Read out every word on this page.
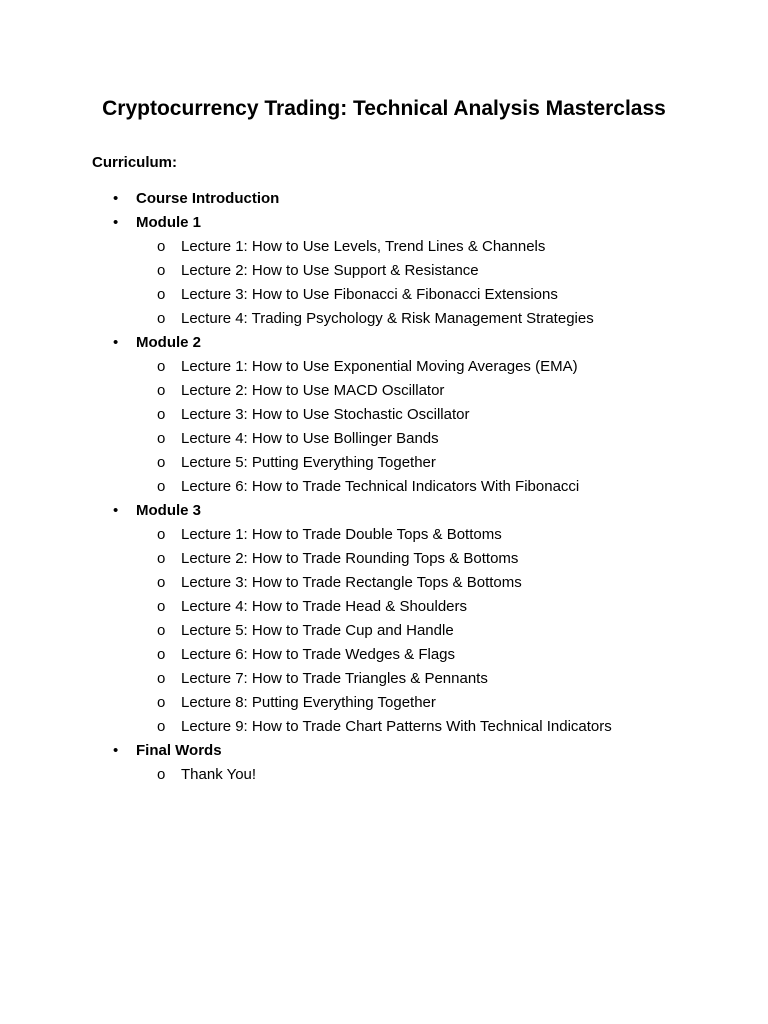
Cryptocurrency Trading: Technical Analysis Masterclass

Curriculum:

• Course Introduction
• Module 1
o Lecture 1: How to Use Levels, Trend Lines & Channels
o Lecture 2: How to Use Support & Resistance
o Lecture 3: How to Use Fibonacci & Fibonacci Extensions
o Lecture 4: Trading Psychology & Risk Management Strategies
• Module 2
o Lecture 1: How to Use Exponential Moving Averages (EMA)
o Lecture 2: How to Use MACD Oscillator
o Lecture 3: How to Use Stochastic Oscillator
o Lecture 4: How to Use Bollinger Bands
o Lecture 5: Putting Everything Together
o Lecture 6: How to Trade Technical Indicators With Fibonacci
• Module 3
o Lecture 1: How to Trade Double Tops & Bottoms
o Lecture 2: How to Trade Rounding Tops & Bottoms
o Lecture 3: How to Trade Rectangle Tops & Bottoms
o Lecture 4: How to Trade Head & Shoulders
o Lecture 5: How to Trade Cup and Handle
o Lecture 6: How to Trade Wedges & Flags
o Lecture 7: How to Trade Triangles & Pennants
o Lecture 8: Putting Everything Together
o Lecture 9: How to Trade Chart Patterns With Technical Indicators
• Final Words
o Thank You!
